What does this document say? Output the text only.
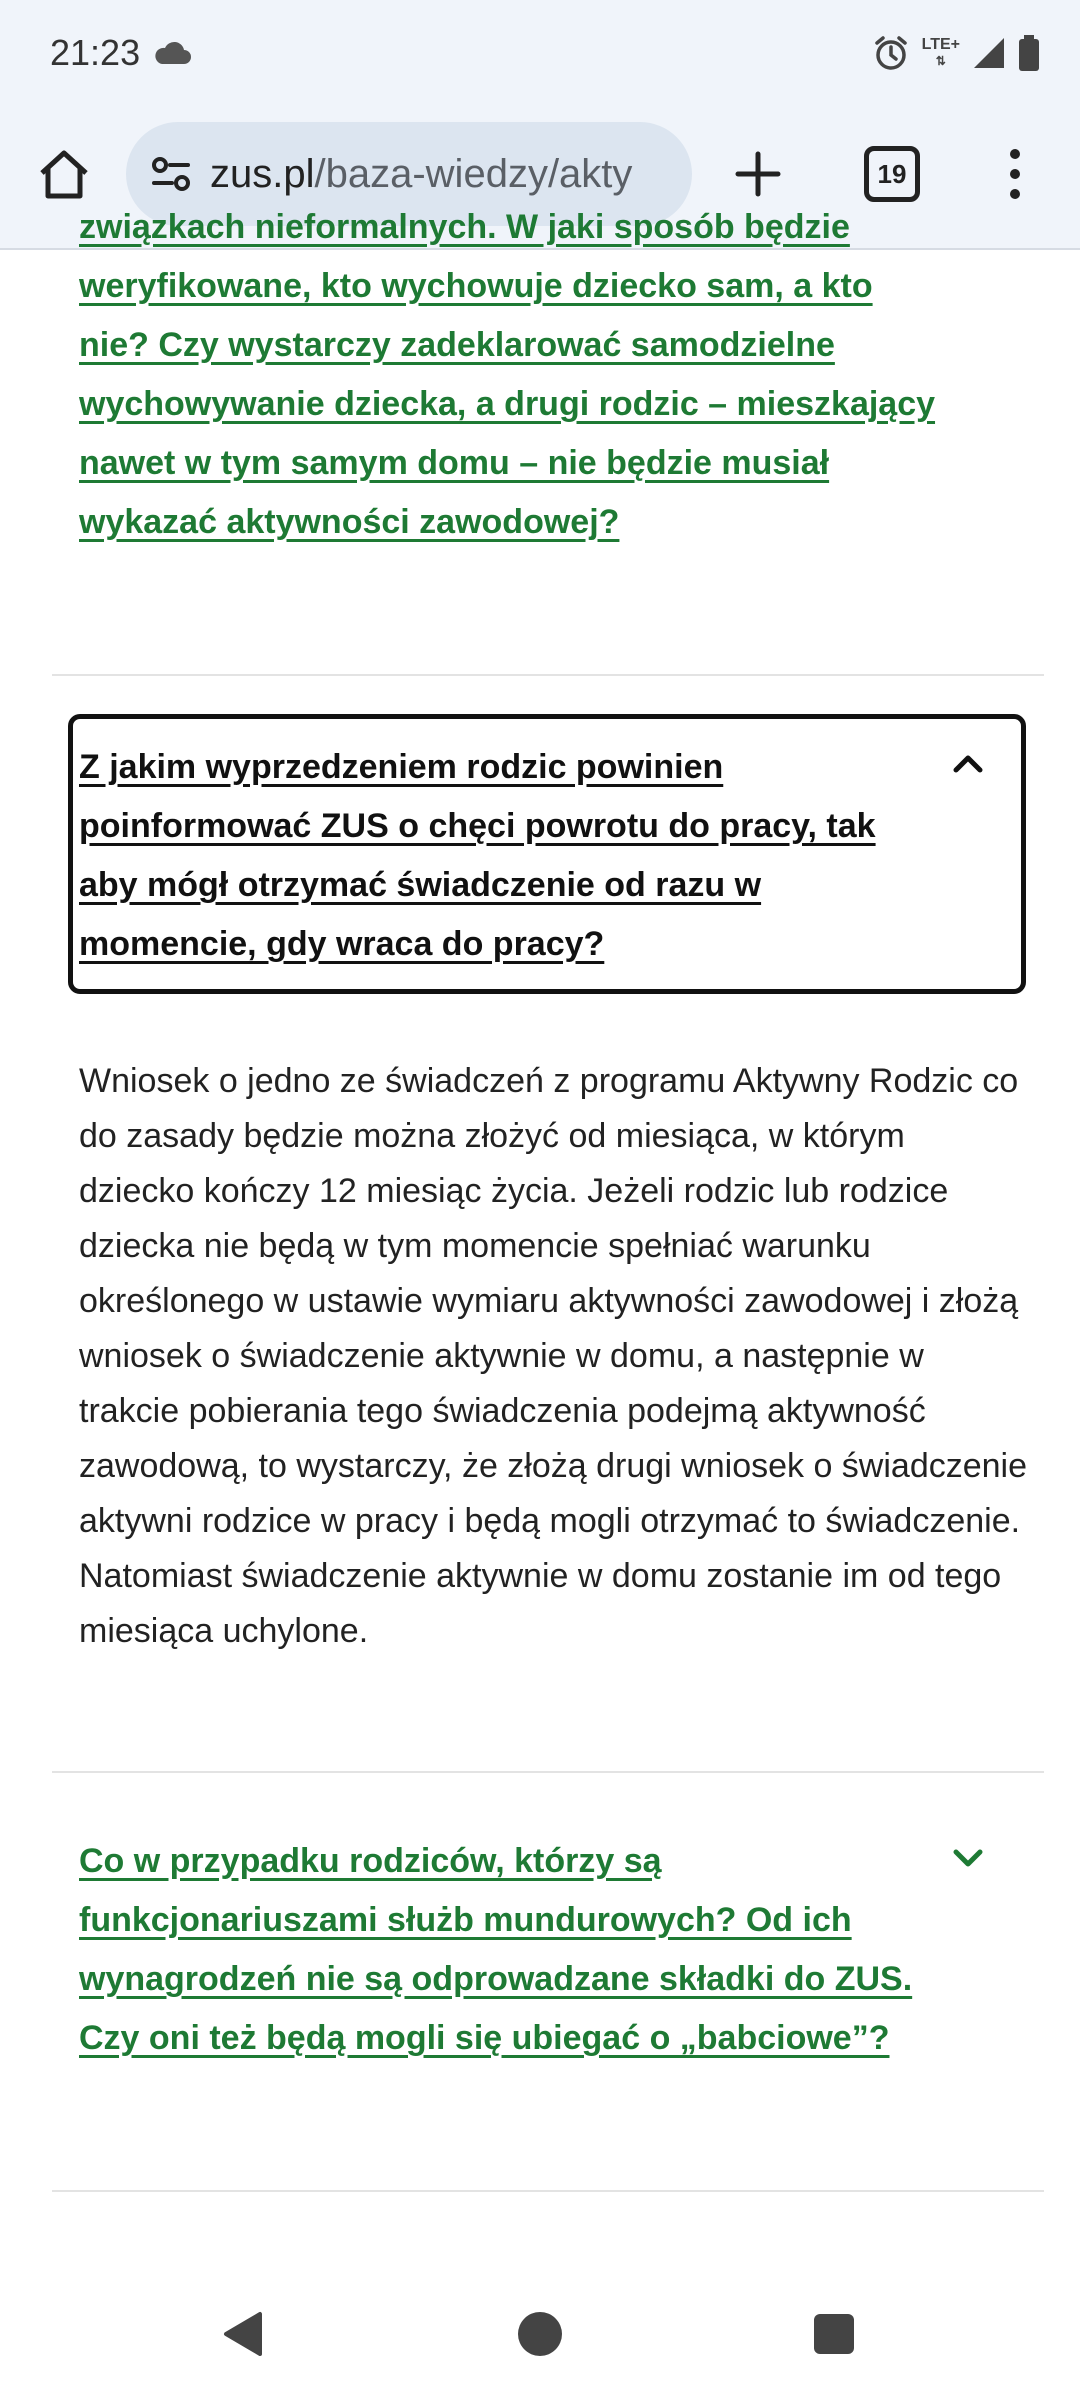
21:23	LTE+
⇅
zus.pl/baza-wiedzy/akty	19
związkach nieformalnych. W jaki sposób będzie weryfikowane, kto wychowuje dziecko sam, a kto nie? Czy wystarczy zadeklarować samodzielne wychowywanie dziecka, a drugi rodzic – mieszkający nawet w tym samym domu – nie będzie musiał wykazać aktywności zawodowej?
Z jakim wyprzedzeniem rodzic powinien poinformować ZUS o chęci powrotu do pracy, tak aby mógł otrzymać świadczenie od razu w momencie, gdy wraca do pracy?
Wniosek o jedno ze świadczeń z programu Aktywny Rodzic co do zasady będzie można złożyć od miesiąca, w którym dziecko kończy 12 miesiąc życia. Jeżeli rodzic lub rodzice dziecka nie będą w tym momencie spełniać warunku określonego w ustawie wymiaru aktywności zawodowej i złożą wniosek o świadczenie aktywnie w domu, a następnie w trakcie pobierania tego świadczenia podejmą aktywność zawodową, to wystarczy, że złożą drugi wniosek o świadczenie aktywni rodzice w pracy i będą mogli otrzymać to świadczenie. Natomiast świadczenie aktywnie w domu zostanie im od tego miesiąca uchylone.
Co w przypadku rodziców, którzy są funkcjonariuszami służb mundurowych? Od ich wynagrodzeń nie są odprowadzane składki do ZUS. Czy oni też będą mogli się ubiegać o „babciowe”?
